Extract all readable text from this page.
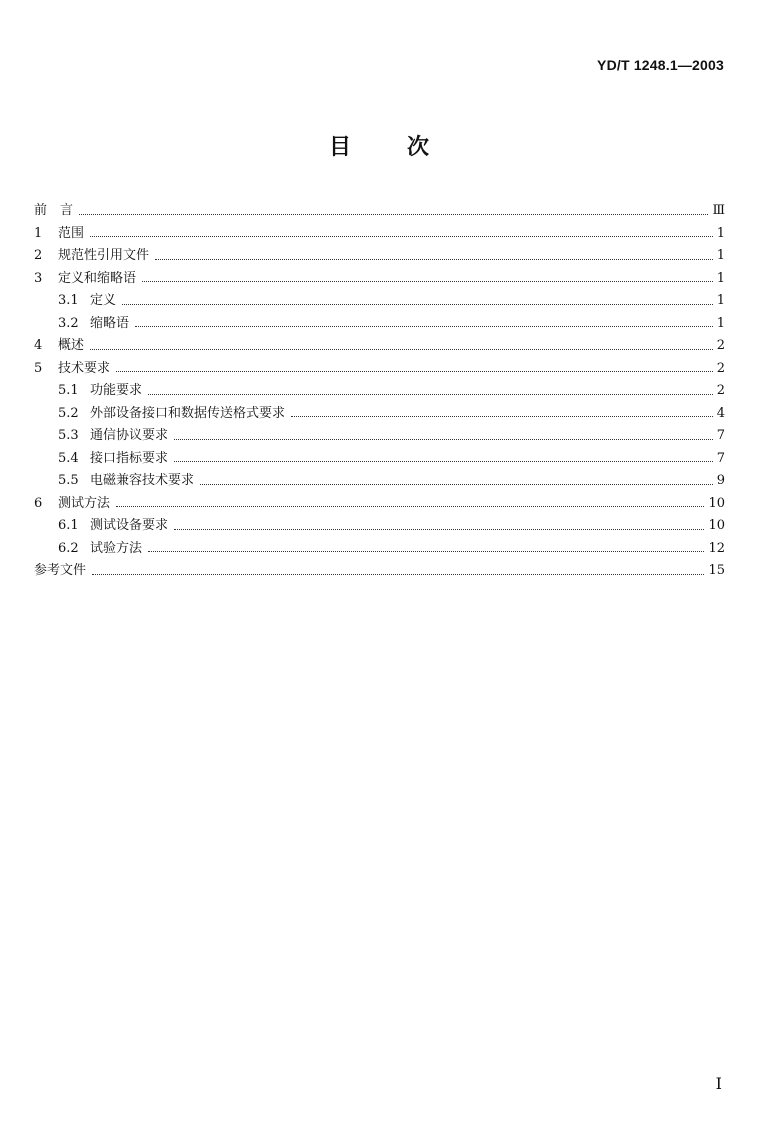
YD/T 1248.1—2003
目次
前　言	Ⅲ
1	范围	1
2	规范性引用文件	1
3	定义和缩略语	1
3.1 定义	1
3.2 缩略语	1
4	概述	2
5	技术要求	2
5.1 功能要求	2
5.2 外部设备接口和数据传送格式要求	4
5.3 通信协议要求	7
5.4 接口指标要求	7
5.5 电磁兼容技术要求	9
6	测试方法	10
6.1 测试设备要求	10
6.2 试验方法	12
参考文件	15
I
